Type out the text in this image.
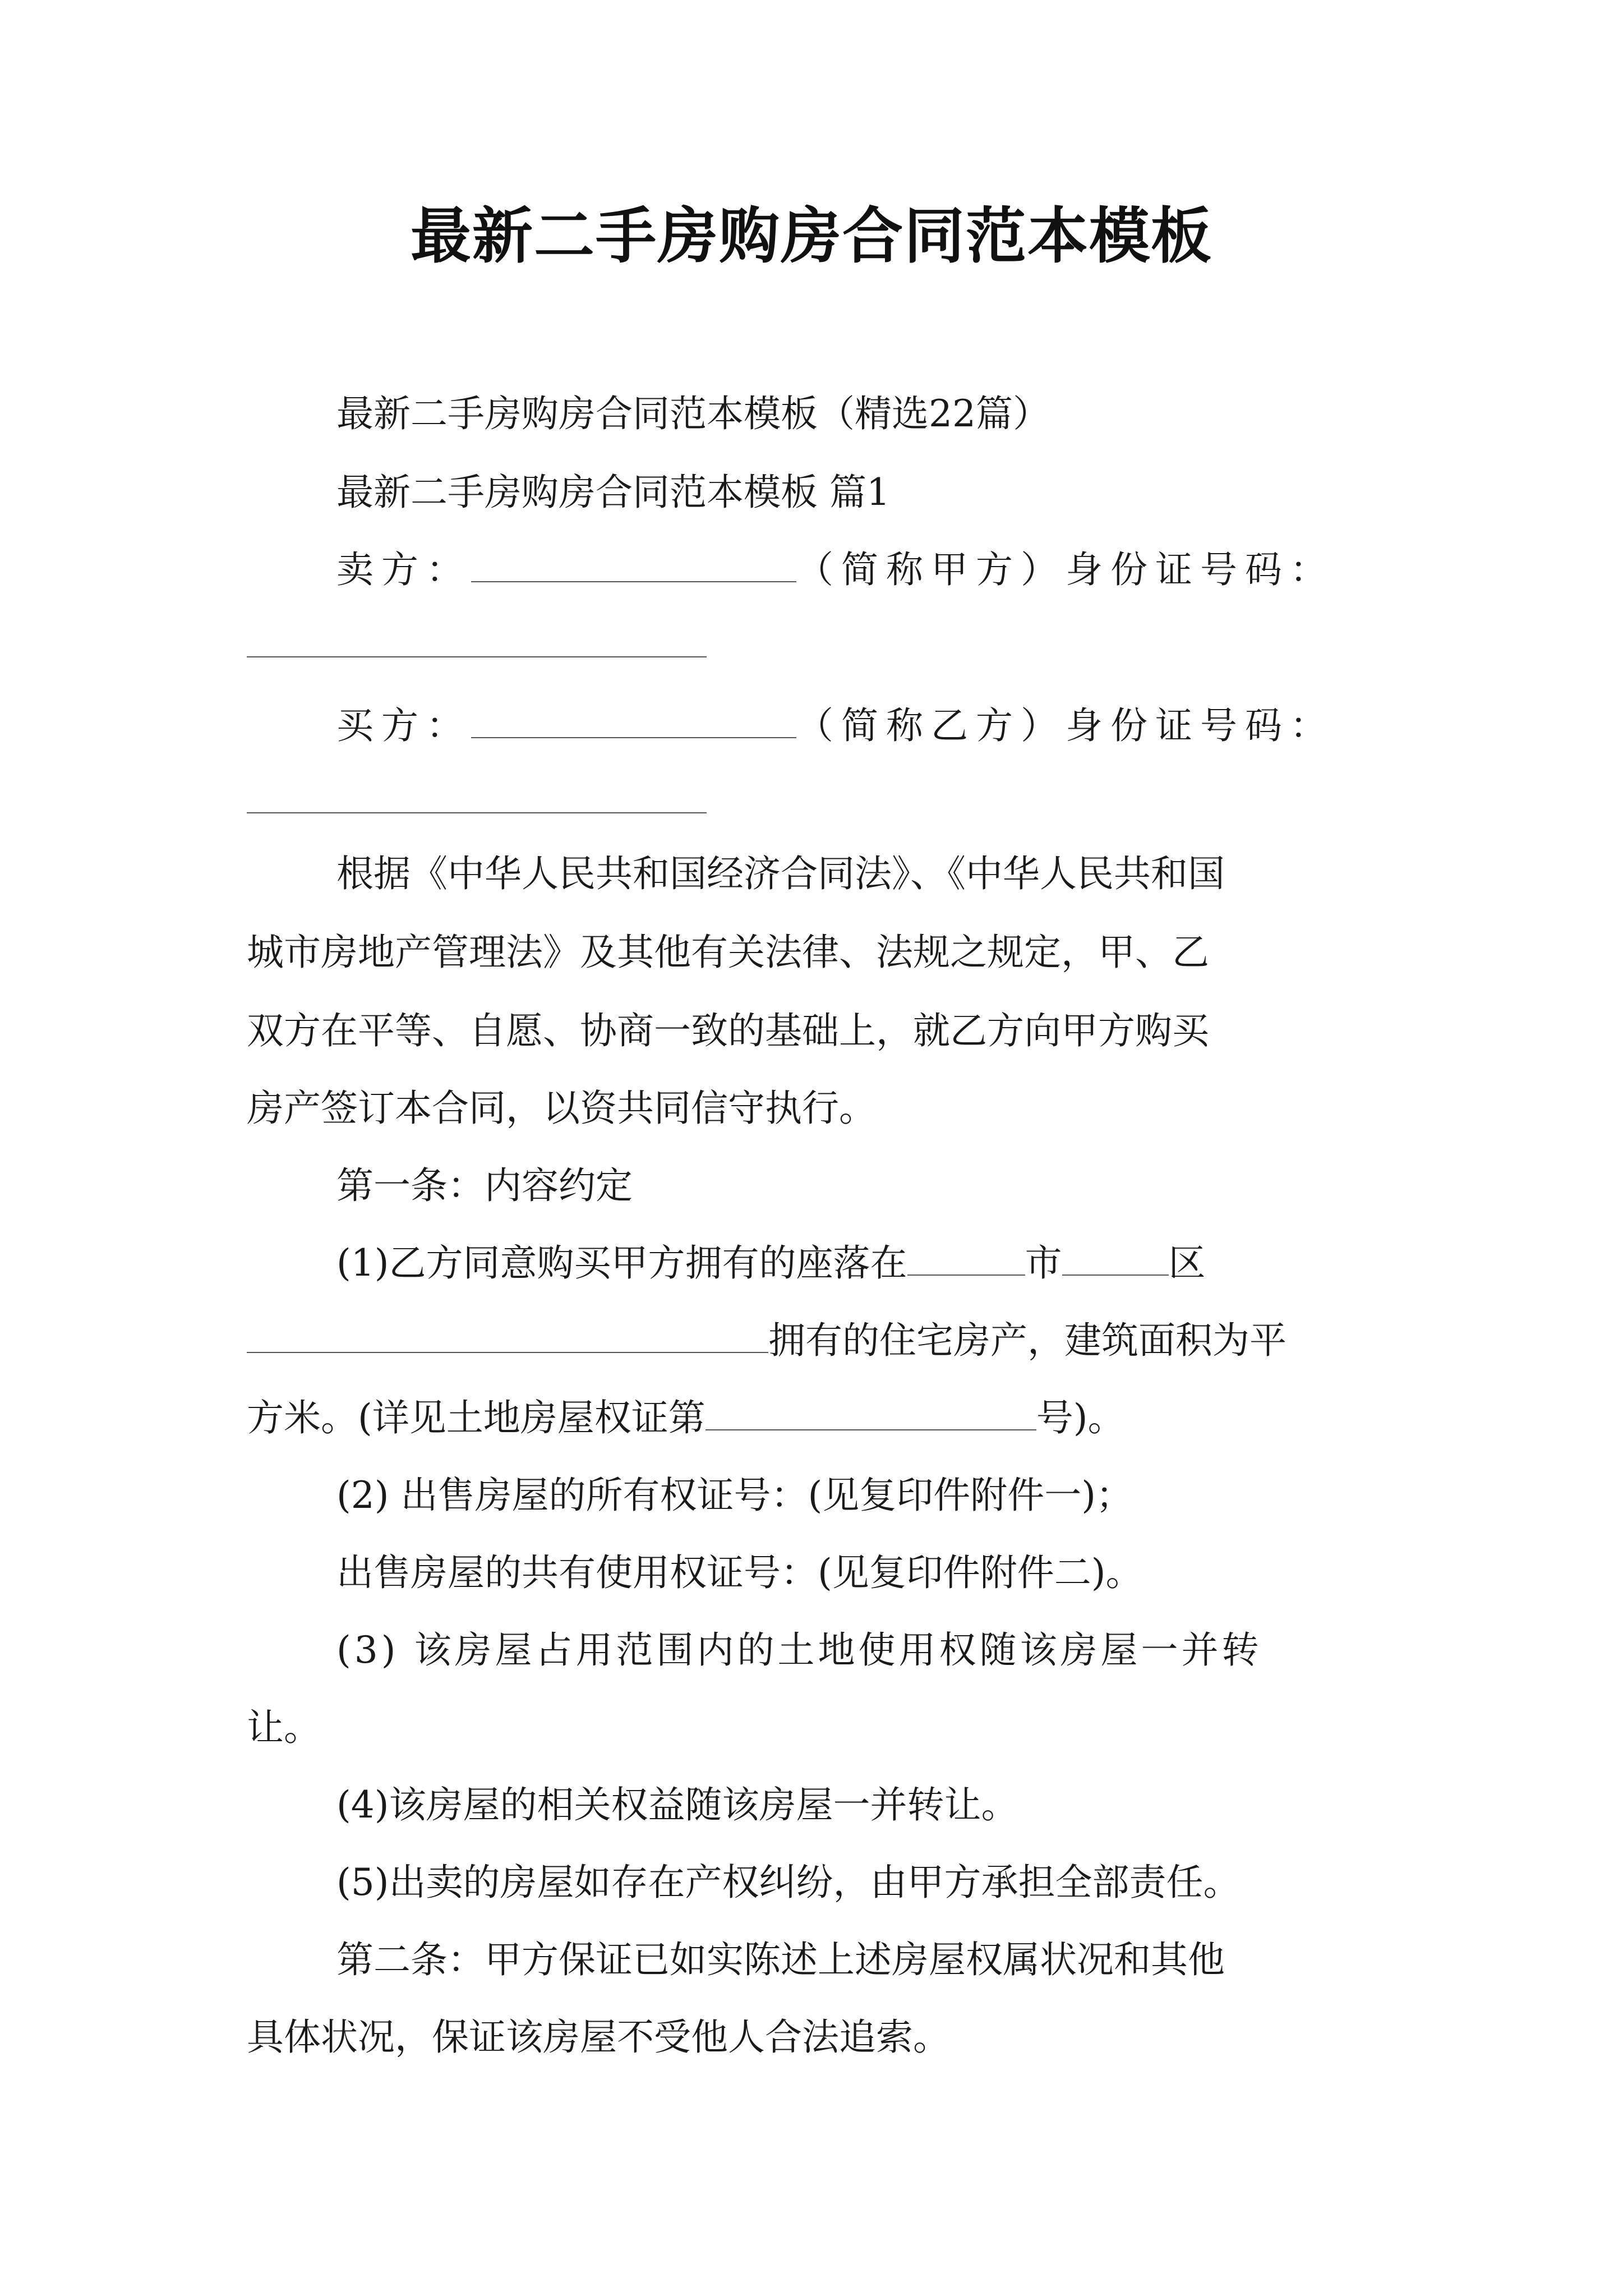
最新二手房购房合同范本模板
最新二手房购房合同范本模板（精选22篇）
最新二手房购房合同范本模板 篇1
卖方：	（简称甲方）身份证号码：
买方：	（简称乙方）身份证号码：
根据《中华人民共和国经济合同法》、《中华人民共和国
城市房地产管理法》及其他有关法律、法规之规定，甲、乙
双方在平等、自愿、协商一致的基础上，就乙方向甲方购买
房产签订本合同，以资共同信守执行。
第一条：内容约定
(1)乙方同意购买甲方拥有的座落在	市	区
拥有的住宅房产，建筑面积为平
方米。(详见土地房屋权证第	号)。
(2) 出售房屋的所有权证号：(见复印件附件一)；
出售房屋的共有使用权证号：(见复印件附件二)。
(3) 该房屋占用范围内的土地使用权随该房屋一并转
让。
(4)该房屋的相关权益随该房屋一并转让。
(5)出卖的房屋如存在产权纠纷，由甲方承担全部责任。
第二条：甲方保证已如实陈述上述房屋权属状况和其他
具体状况，保证该房屋不受他人合法追索。
